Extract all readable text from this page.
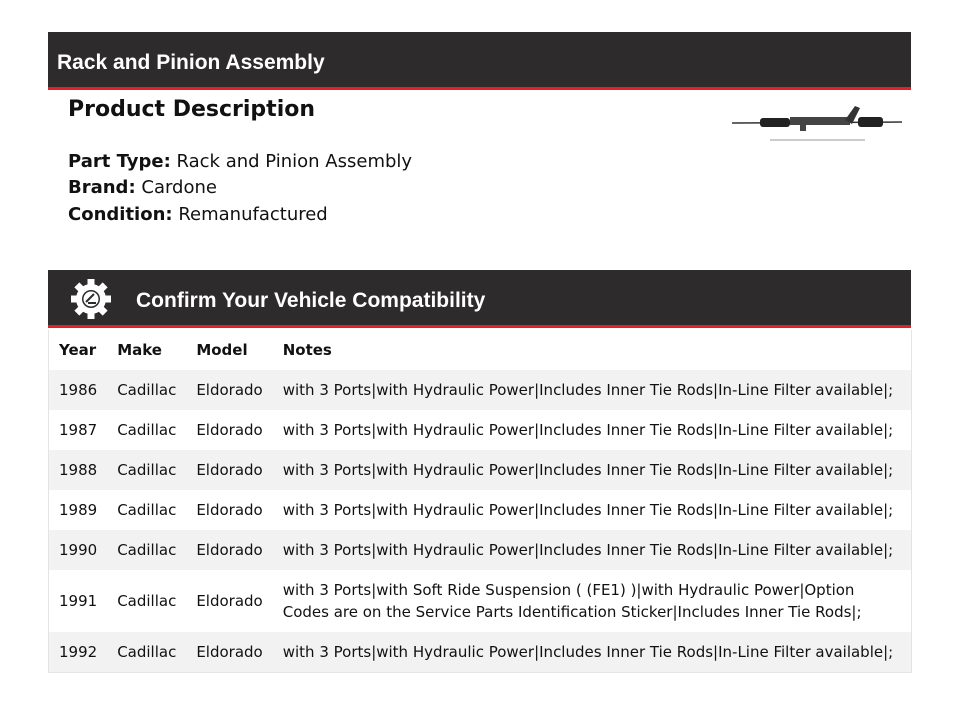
Rack and Pinion Assembly
Product Description
Part Type: Rack and Pinion Assembly
Brand: Cardone
Condition: Remanufactured
Confirm Your Vehicle Compatibility
Year	Make	Model	Notes
1986	Cadillac	Eldorado	with 3 Ports|with Hydraulic Power|Includes Inner Tie Rods|In-Line Filter available|;
1987	Cadillac	Eldorado	with 3 Ports|with Hydraulic Power|Includes Inner Tie Rods|In-Line Filter available|;
1988	Cadillac	Eldorado	with 3 Ports|with Hydraulic Power|Includes Inner Tie Rods|In-Line Filter available|;
1989	Cadillac	Eldorado	with 3 Ports|with Hydraulic Power|Includes Inner Tie Rods|In-Line Filter available|;
1990	Cadillac	Eldorado	with 3 Ports|with Hydraulic Power|Includes Inner Tie Rods|In-Line Filter available|;
1991	Cadillac	Eldorado	with 3 Ports|with Soft Ride Suspension ( (FE1) )|with Hydraulic Power|Option Codes are on the Service Parts Identification Sticker|Includes Inner Tie Rods|;
1992	Cadillac	Eldorado	with 3 Ports|with Hydraulic Power|Includes Inner Tie Rods|In-Line Filter available|;
